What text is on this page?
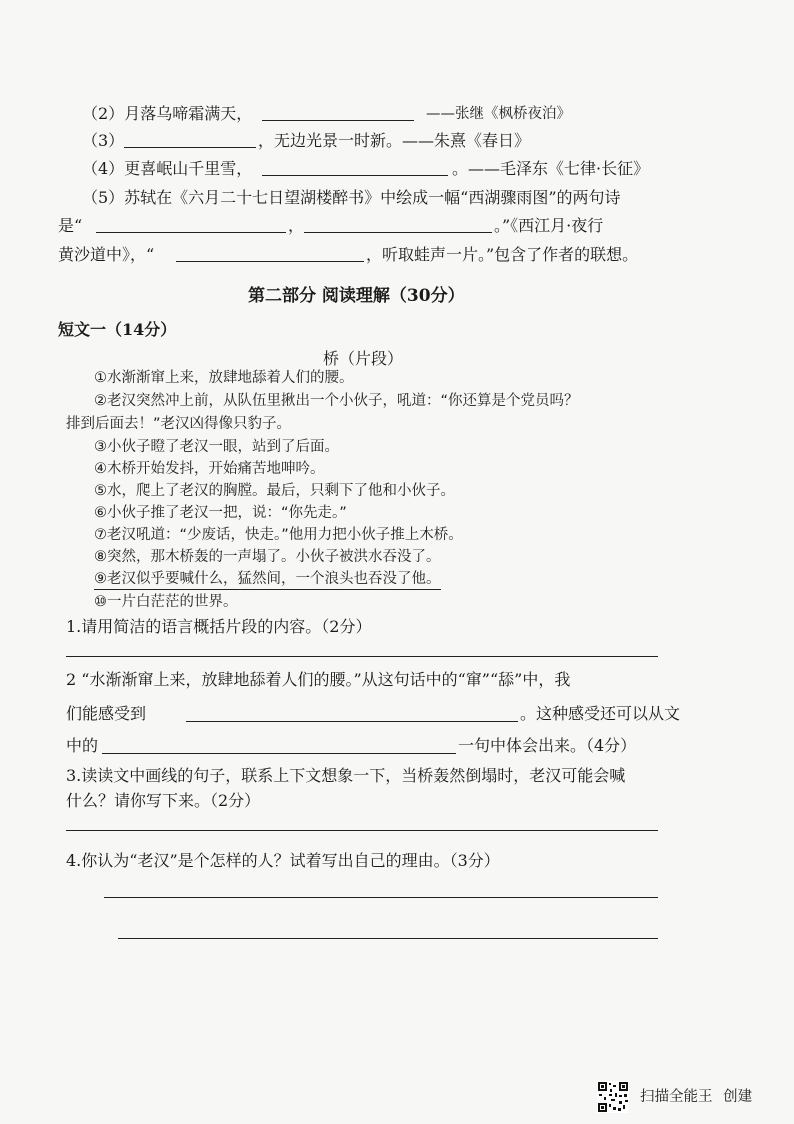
（2）月落乌啼霜满天，	——张继《枫桥夜泊》
（3）	，无边光景一时新。——朱熹《春日》
（4）更喜岷山千里雪，	。——毛泽东《七律·长征》
（5）苏轼在《六月二十七日望湖楼醉书》中绘成一幅“西湖骤雨图”的两句诗
是“	，	。”《西江月·夜行
黄沙道中》，“	，听取蛙声一片。”包含了作者的联想。
第二部分 阅读理解（30分）
短文一（14分）
桥（片段）
①水渐渐窜上来，放肆地舔着人们的腰。
②老汉突然冲上前，从队伍里揪出一个小伙子，吼道：“你还算是个党员吗？
排到后面去！”老汉凶得像只豹子。
③小伙子瞪了老汉一眼，站到了后面。
④木桥开始发抖，开始痛苦地呻吟。
⑤水，爬上了老汉的胸膛。最后，只剩下了他和小伙子。
⑥小伙子推了老汉一把，说：“你先走。”
⑦老汉吼道：“少废话，快走。”他用力把小伙子推上木桥。
⑧突然，那木桥轰的一声塌了。小伙子被洪水吞没了。
⑨老汉似乎要喊什么，猛然间，一个浪头也吞没了他。
⑩一片白茫茫的世界。
1.请用简洁的语言概括片段的内容。（2分）
2 “水渐渐窜上来，放肆地舔着人们的腰。”从这句话中的“窜”“舔”中，我
们能感受到	。这种感受还可以从文
中的	一句中体会出来。（4分）
3.读读文中画线的句子，联系上下文想象一下，当桥轰然倒塌时，老汉可能会喊
什么？请你写下来。（2分）
4.你认为“老汉”是个怎样的人？试着写出自己的理由。（3分）
扫描全能王 创建
